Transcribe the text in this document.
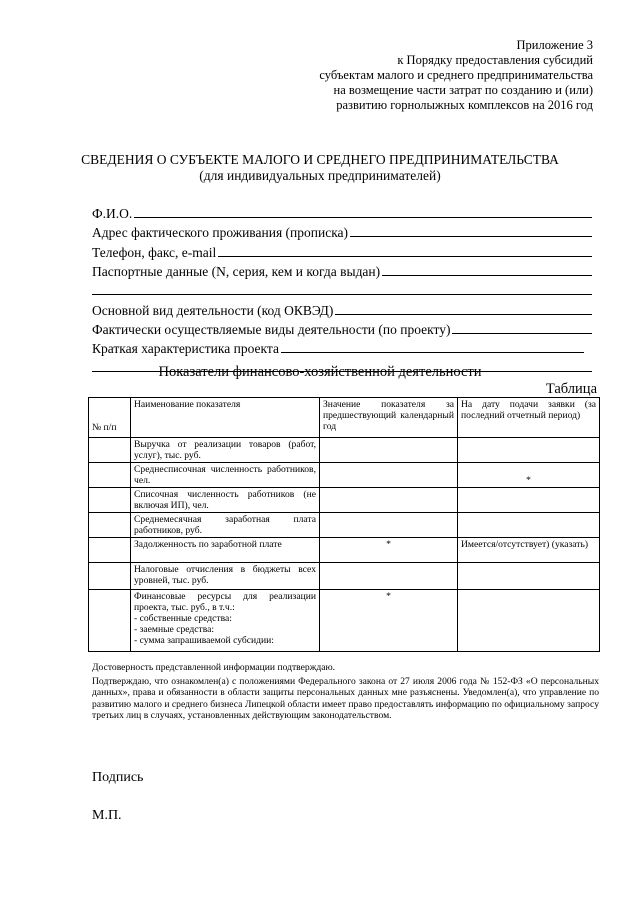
Приложение 3
к Порядку предоставления субсидий
субъектам малого и среднего предпринимательства
на возмещение части затрат по созданию и (или)
развитию горнолыжных комплексов на 2016 год
СВЕДЕНИЯ О СУБЪЕКТЕ МАЛОГО И СРЕДНЕГО ПРЕДПРИНИМАТЕЛЬСТВА
(для индивидуальных предпринимателей)
Ф.И.О.
Адрес фактического проживания (прописка)
Телефон, факс, e-mail
Паспортные данные (N, серия, кем и когда выдан)
Основной вид деятельности (код ОКВЭД)
Фактически осуществляемые виды деятельности (по проекту)
Краткая характеристика проекта
Показатели финансово-хозяйственной деятельности
Таблица
№ п/п	Наименование показателя	Значение показателя за предшествующий календарный год	На дату подачи заявки (за последний отчетный период)
	Выручка от реализации товаров (работ, услуг), тыс. руб.		
	Среднесписочная численность работников, чел.		*
	Списочная численность работников (не включая ИП), чел.		
	Среднемесячная заработная плата работников, руб.		
	Задолженность по заработной плате	*	Имеется/отсутствует) (указать)
	Налоговые отчисления в бюджеты всех уровней, тыс. руб.		

	Финансовые ресурсы для реализации проекта, тыс. руб., в т.ч.:
- собственные средства:
- заемные средства:
- сумма запрашиваемой субсидии:	*	

Достоверность представленной информации подтверждаю.

Подтверждаю, что ознакомлен(а) с положениями Федерального закона от 27 июля 2006 года № 152-ФЗ «О персональных данных», права и обязанности в области защиты персональных данных мне разъяснены. Уведомлен(а), что управление по развитию малого и среднего бизнеса Липецкой области имеет право предоставлять информацию по официальному запросу третьих лиц в случаях, установленных действующим законодательством.

Подпись
М.П.
